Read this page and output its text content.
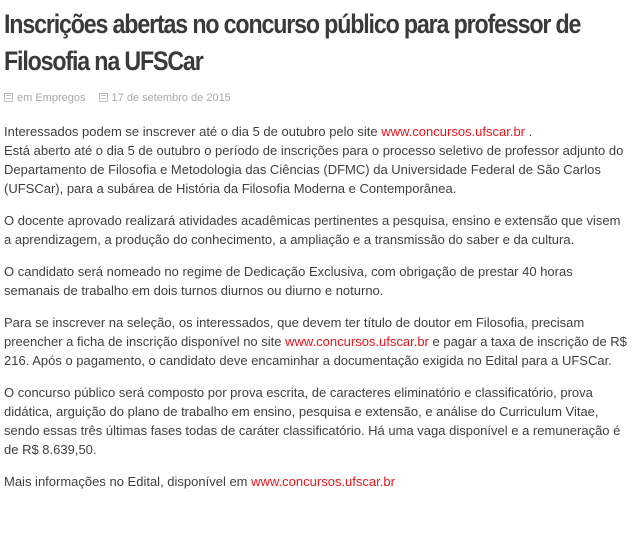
Inscrições abertas no concurso público para professor de Filosofia na UFSCar
em Empregos 17 de setembro de 2015

Interessados podem se inscrever até o dia 5 de outubro pelo site www.concursos.ufscar.br .
Está aberto até o dia 5 de outubro o período de inscrições para o processo seletivo de professor adjunto do Departamento de Filosofia e Metodologia das Ciências (DFMC) da Universidade Federal de São Carlos (UFSCar), para a subárea de História da Filosofia Moderna e Contemporânea.

O docente aprovado realizará atividades acadêmicas pertinentes a pesquisa, ensino e extensão que visem a aprendizagem, a produção do conhecimento, a ampliação e a transmissão do saber e da cultura.

O candidato será nomeado no regime de Dedicação Exclusiva, com obrigação de prestar 40 horas semanais de trabalho em dois turnos diurnos ou diurno e noturno.

Para se inscrever na seleção, os interessados, que devem ter título de doutor em Filosofia, precisam preencher a ficha de inscrição disponível no site www.concursos.ufscar.br e pagar a taxa de inscrição de R$ 216. Após o pagamento, o candidato deve encaminhar a documentação exigida no Edital para a UFSCar.

O concurso público será composto por prova escrita, de caracteres eliminatório e classificatório, prova didática, arguição do plano de trabalho em ensino, pesquisa e extensão, e análise do Curriculum Vitae, sendo essas três últimas fases todas de caráter classificatório. Há uma vaga disponível e a remuneração é de R$ 8.639,50.

Mais informações no Edital, disponível em www.concursos.ufscar.br
